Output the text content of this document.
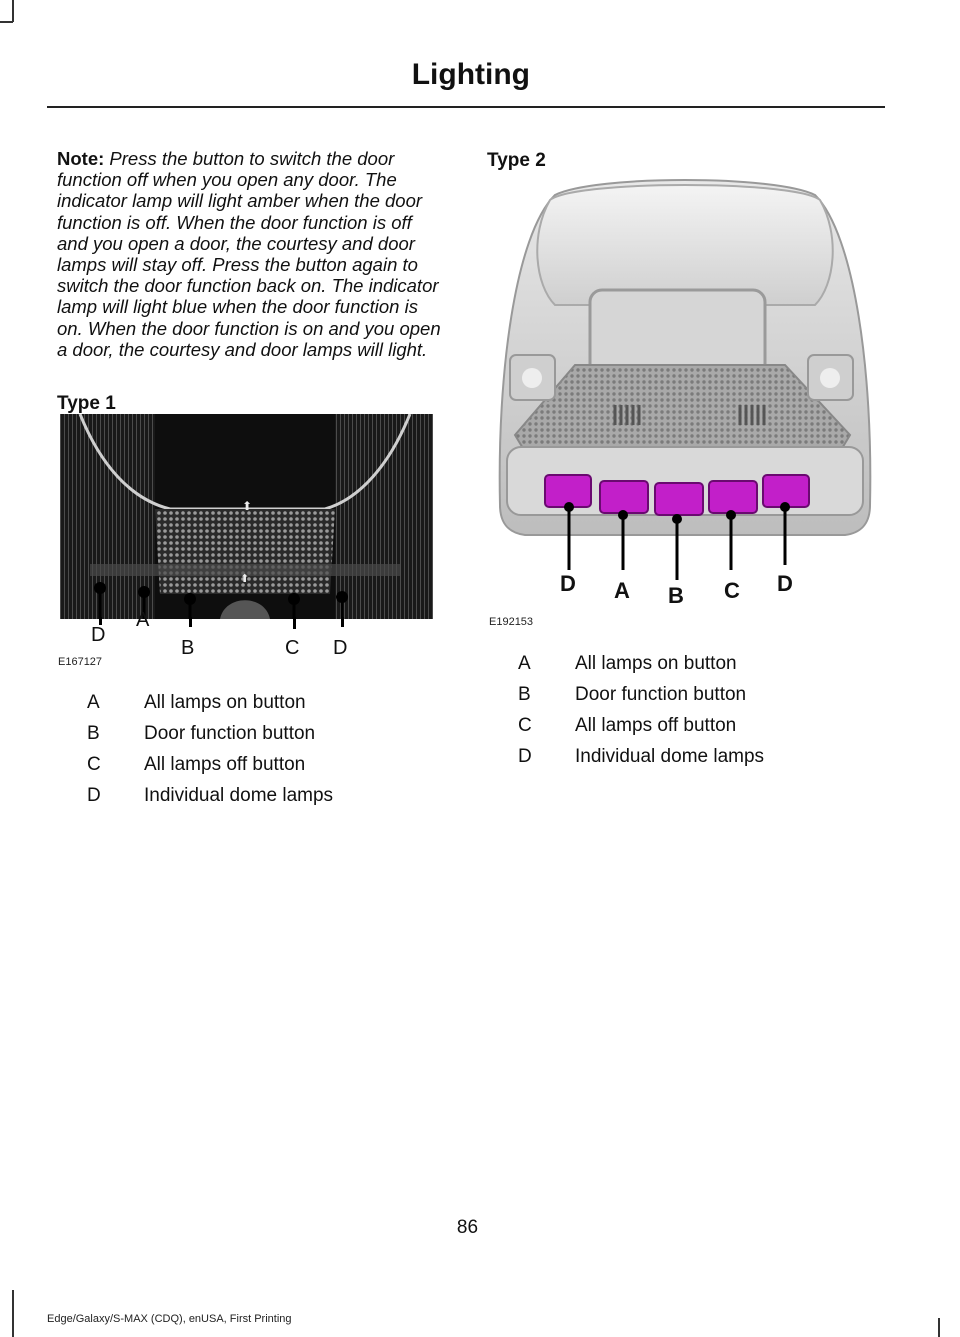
Lighting
Note: Press the button to switch the door function off when you open any door. The indicator lamp will light amber when the door function is off. When the door function is off and you open a door, the courtesy and door lamps will stay off. Press the button again to switch the door function back on. The indicator lamp will light blue when the door function is on. When the door function is on and you open a door, the courtesy and door lamps will light.
Type 1
⬆
⬆
D
A
B	C D
E167127
A All lamps on button
B Door function button
C All lamps off button
D Individual dome lamps
Type 2
D A B C D
E192153
A All lamps on button
B Door function button
C All lamps off button
D Individual dome lamps
86
Edge/Galaxy/S-MAX (CDQ), enUSA, First Printing
